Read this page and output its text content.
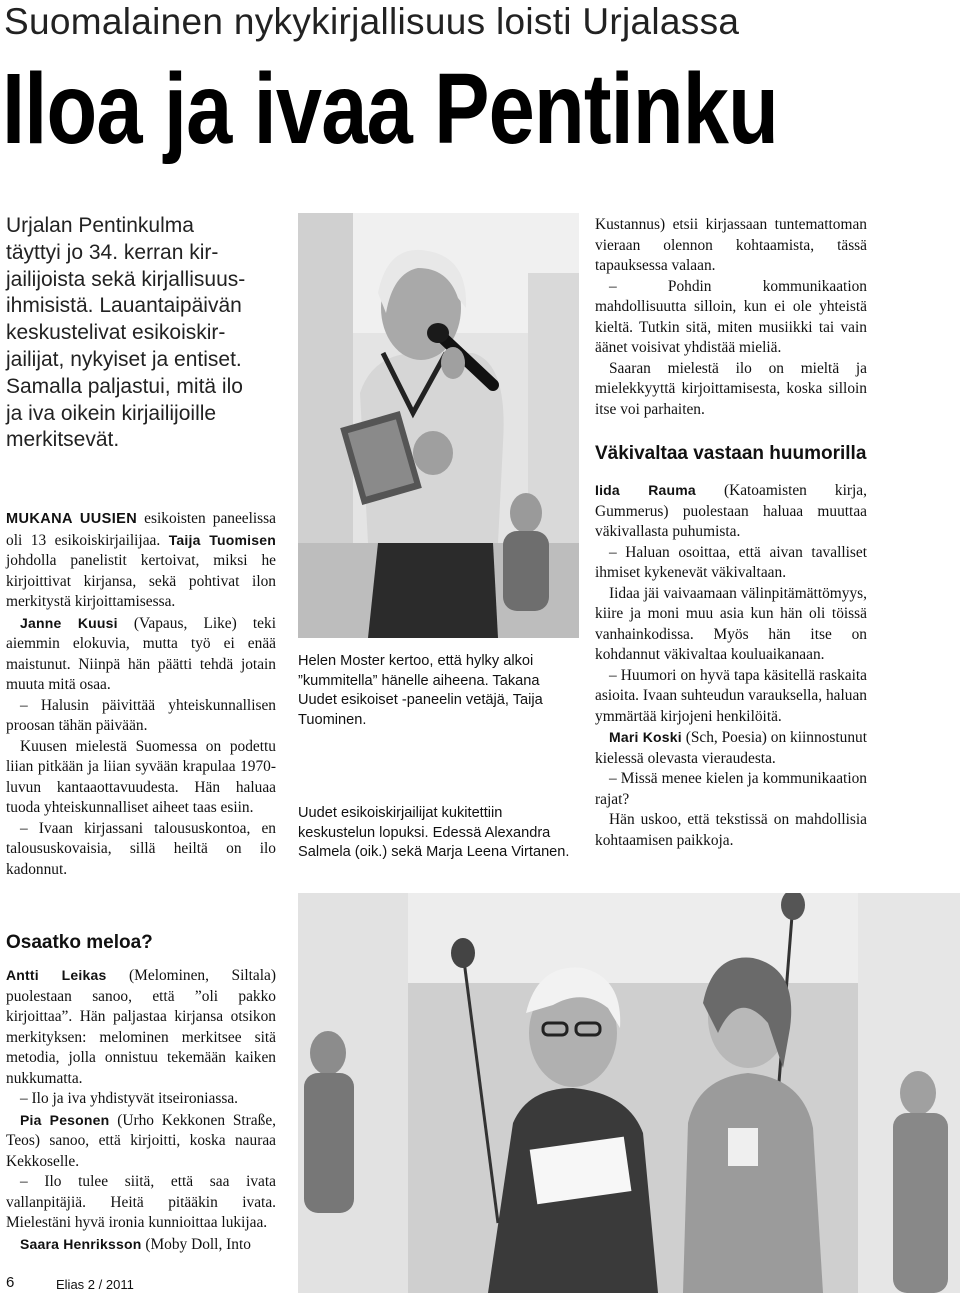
Suomalainen nykykirjallisuus loisti Urjalassa
Iloa ja ivaa Pentinku

Urjalan Pentinkulma

täyttyi jo 34. kerran kir-

jailijoista sekä kirjallisuus-

ihmisistä. Lauantaipäivän

keskustelivat esikoiskir-

jailijat, nykyiset ja entiset.

Samalla paljastui, mitä ilo

ja iva oikein kirjailijoille

merkitsevät.

MUKANA UUSIEN esikoisten paneelissa oli 13 esikoiskirjailijaa. Taija Tuomisen johdolla panelistit kertoivat, miksi he kirjoittivat kirjansa, sekä pohtivat ilon merkitystä kirjoittamisessa.

Janne Kuusi (Vapaus, Like) teki aiemmin elokuvia, mutta työ ei enää maistunut. Niinpä hän päätti tehdä jotain muuta mitä osaa.

– Halusin päivittää yhteiskunnallisen proosan tähän päivään.

Kuusen mielestä Suomessa on podettu liian pitkään ja liian syvään krapulaa 1970-luvun kantaaottavuudesta. Hän haluaa tuoda yhteiskunnalliset aiheet taas esiin.

– Ivaan kirjassani taloususkontoa, en taloususkovaisia, sillä heiltä on ilo kadonnut.

Helen Moster kertoo, että hylky alkoi ”kummitella” hänelle aiheena. Takana Uudet esikoiset -paneelin vetäjä, Taija Tuominen.
Uudet esikoiskirjailijat kukitettiin keskustelun lopuksi. Edessä Alexandra Salmela (oik.) sekä Marja Leena Virtanen.

Kustannus) etsii kirjassaan tuntemattoman vieraan olennon kohtaamista, tässä tapauksessa valaan.

– Pohdin kommunikaation mahdollisuutta silloin, kun ei ole yhteistä kieltä. Tutkin sitä, miten musiikki tai vain äänet voisivat yhdistää mieliä.

Saaran mielestä ilo on mieltä ja mielekkyyttä kirjoittamisesta, koska silloin itse voi parhaiten.

Väkivaltaa vastaan huumorilla

Iida Rauma (Katoamisten kirja, Gummerus) puolestaan haluaa muuttaa väkivallasta puhumista.

– Haluan osoittaa, että aivan tavalliset ihmiset kykenevät väkivaltaan.

Iidaa jäi vaivaamaan välinpitämättömyys, kiire ja moni muu asia kun hän oli töissä vanhainkodissa. Myös hän itse on kohdannut väkivaltaa kouluaikanaan.

– Huumori on hyvä tapa käsitellä raskaita asioita. Ivaan suhteudun varauksella, haluan ymmärtää kirjojeni henkilöitä.

Mari Koski (Sch, Poesia) on kiinnostunut kielessä olevasta vieraudesta.

– Missä menee kielen ja kommunikaation rajat?

Hän uskoo, että tekstissä on mahdollisia kohtaamisen paikkoja.

Osaatko meloa?

Antti Leikas (Melominen, Siltala) puolestaan sanoo, että ”oli pakko kirjoittaa”. Hän paljastaa kirjansa otsikon merkityksen: melominen merkitsee sitä metodia, jolla onnistuu tekemään kaiken nukkumatta.

– Ilo ja iva yhdistyvät itseironiassa.

Pia Pesonen (Urho Kekkonen Straße, Teos) sanoo, että kirjoitti, koska nauraa Kekkoselle.

– Ilo tulee siitä, että saa ivata vallanpitäjiä. Heitä pitääkin ivata. Mielestäni hyvä ironia kunnioittaa lukijaa.

Saara Henriksson (Moby Doll, Into

6	Elias 2 / 2011
